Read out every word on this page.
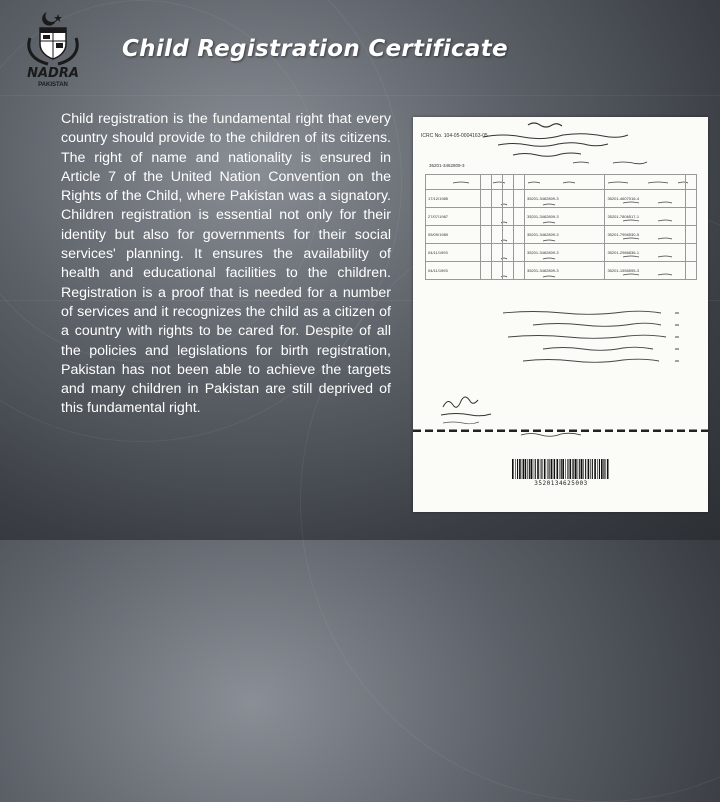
NADRA
PAKISTAN
Child Registration Certificate
Child registration is the fundamental right that every country should provide to the children of its citizens. The right of name and nationality is ensured in Article 7 of the United Nation Convention on the Rights of the Child, where Pakistan was a signatory. Children registration is essential not only for their identity but also for governments for their social services' planning. It ensures the availability of health and educational facilities to the children. Registration is a proof that is needed for a number of services and it recognizes the child as a citizen of a country with rights to be cared for. Despite of all the policies and legislations for birth registration, Pakistan has not been able to achieve the targets and many children in Pakistan are still deprived of this fundamental right.
ICRC No. 104-05-0004163-05
35201-3462809-3

17/12/1985					35201-3462809-3	35201-4607016-4	
27/07/1987					35201-3462809-3	35201-7806517-1	
05/09/1989					35201-3462809-3	35201-7956530-5	
04/11/1993					35201-3462809-3	35201-2986836-1	
04/11/1993					35201-3462809-3	35201-1556595-3	
3520134625003
